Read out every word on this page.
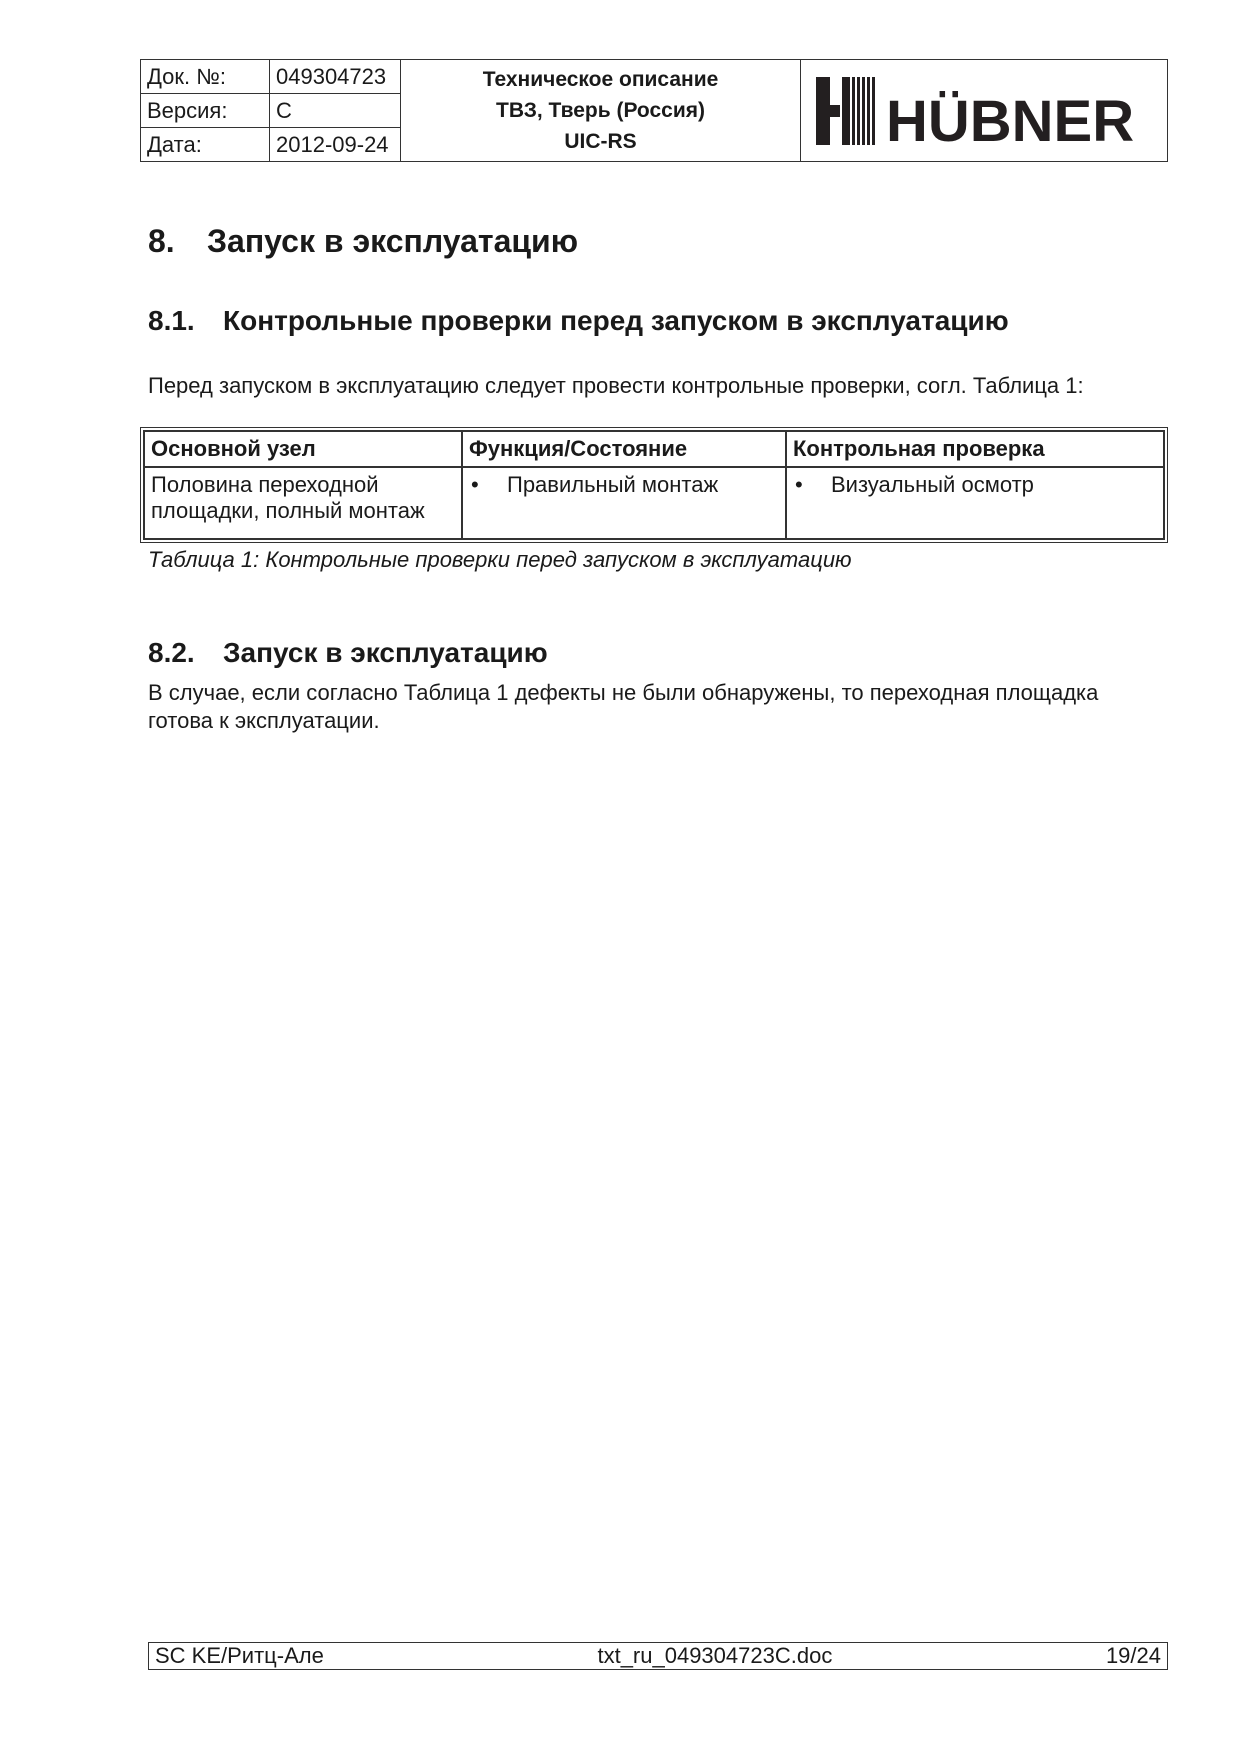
Док. №:	049304723
Версия:	C
Дата:	2012-09-24
Техническое описание
ТВЗ, Тверь (Россия)
UIC-RS	HÜBNER
8. Запуск в эксплуатацию
8.1. Контрольные проверки перед запуском в эксплуатацию

Перед запуском в эксплуатацию следует провести контрольные проверки, согл. Таблица 1:

Основной узел	Функция/Состояние	Контрольная проверка
Половина переходной площадки, полный монтаж	• Правильный монтаж	• Визуальный осмотр

Таблица 1: Контрольные проверки перед запуском в эксплуатацию

8.2. Запуск в эксплуатацию

В случае, если согласно Таблица 1 дефекты не были обнаружены, то переходная площадка готова к эксплуатации.

SC KE/Ритц-Але	txt_ru_049304723C.doc	19/24
